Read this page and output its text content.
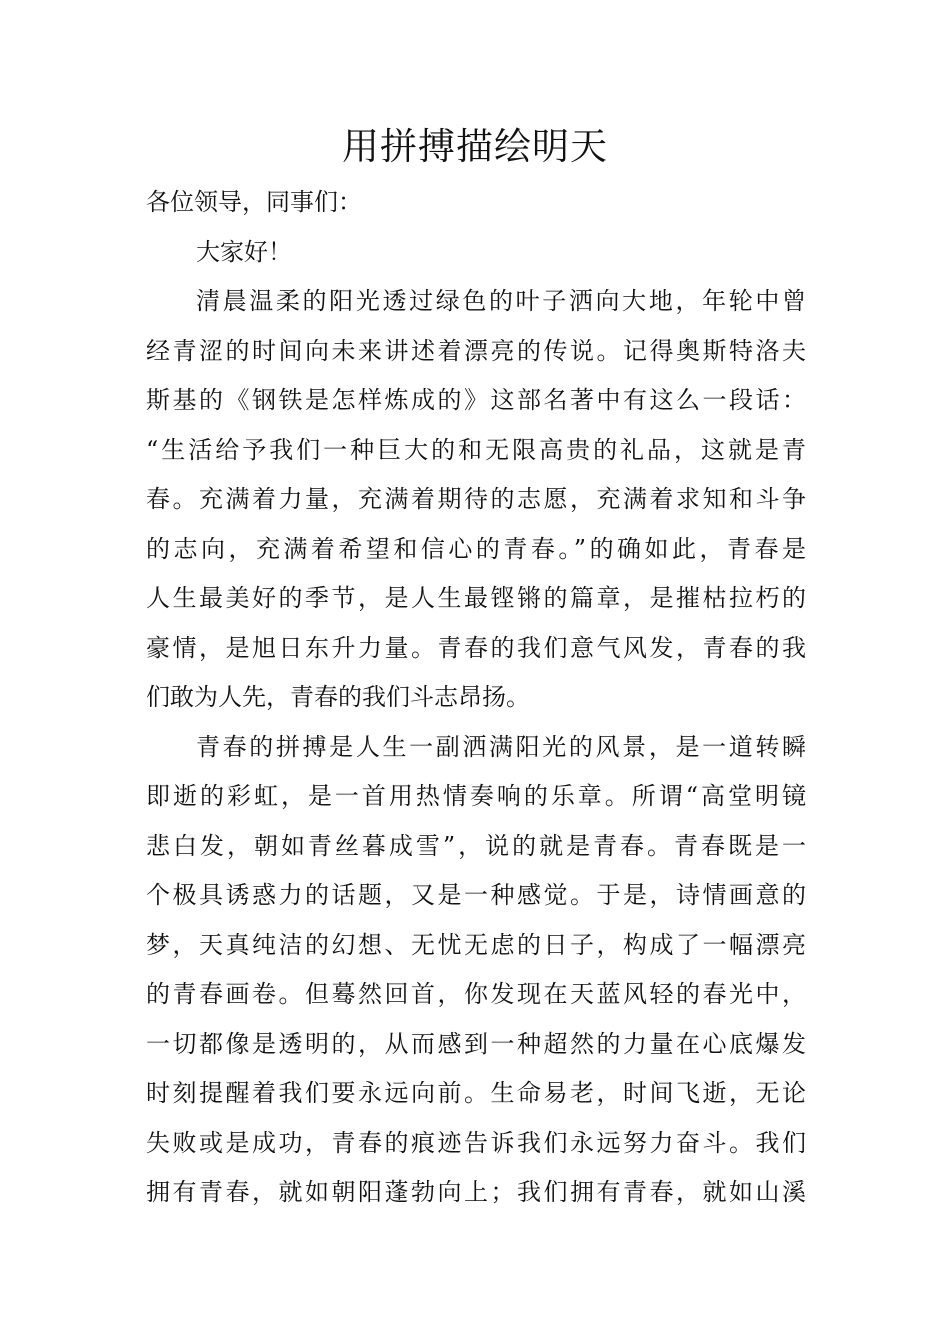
用拼搏描绘明天
各位领导，同事们：
大家好！
清晨温柔的阳光透过绿色的叶子洒向大地，年轮中曾
经青涩的时间向未来讲述着漂亮的传说。记得奥斯特洛夫
斯基的《钢铁是怎样炼成的》这部名著中有这么一段话：
“生活给予我们一种巨大的和无限高贵的礼品，这就是青
春。充满着力量，充满着期待的志愿，充满着求知和斗争
的志向，充满着希望和信心的青春。”的确如此，青春是
人生最美好的季节，是人生最铿锵的篇章，是摧枯拉朽的
豪情，是旭日东升力量。青春的我们意气风发，青春的我
们敢为人先，青春的我们斗志昂扬。
青春的拼搏是人生一副洒满阳光的风景，是一道转瞬
即逝的彩虹，是一首用热情奏响的乐章。所谓“高堂明镜
悲白发，朝如青丝暮成雪”，说的就是青春。青春既是一
个极具诱惑力的话题，又是一种感觉。于是，诗情画意的
梦，天真纯洁的幻想、无忧无虑的日子，构成了一幅漂亮
的青春画卷。但蓦然回首，你发现在天蓝风轻的春光中，
一切都像是透明的，从而感到一种超然的力量在心底爆发
时刻提醒着我们要永远向前。生命易老，时间飞逝，无论
失败或是成功，青春的痕迹告诉我们永远努力奋斗。我们
拥有青春，就如朝阳蓬勃向上；我们拥有青春，就如山溪
